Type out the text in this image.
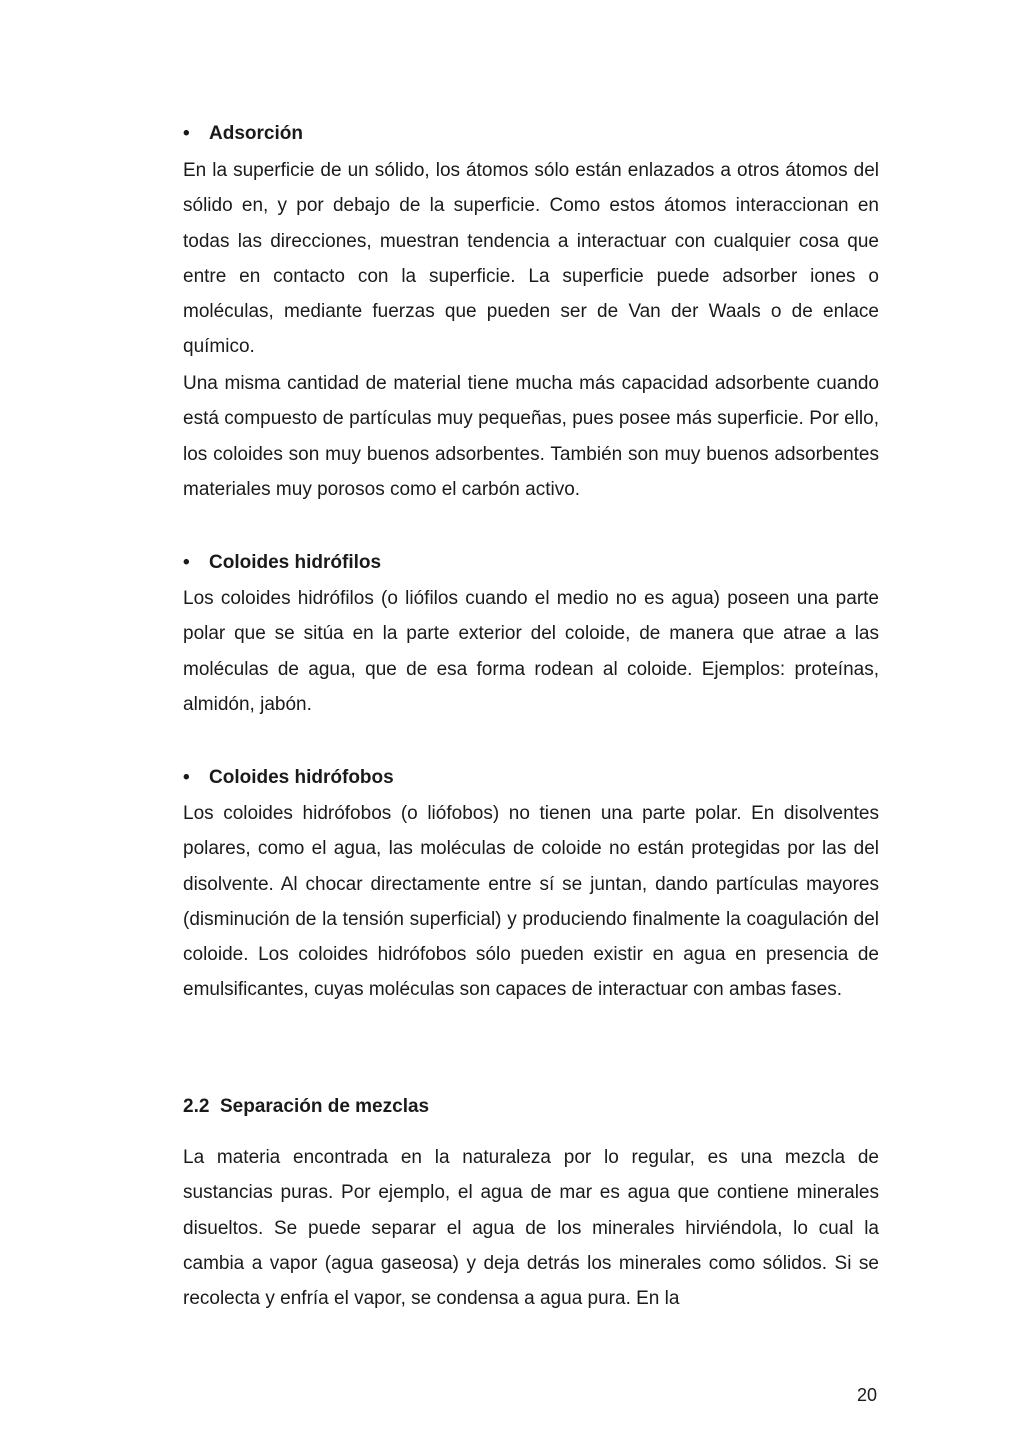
• Adsorción

En la superficie de un sólido, los átomos sólo están enlazados a otros átomos del sólido en, y por debajo de la superficie. Como estos átomos interaccionan en todas las direcciones, muestran tendencia a interactuar con cualquier cosa que entre en contacto con la superficie. La superficie puede adsorber iones o moléculas, mediante fuerzas que pueden ser de Van der Waals o de enlace químico.

Una misma cantidad de material tiene mucha más capacidad adsorbente cuando está compuesto de partículas muy pequeñas, pues posee más superficie. Por ello, los coloides son muy buenos adsorbentes. También son muy buenos adsorbentes materiales muy porosos como el carbón activo.

• Coloides hidrófilos

Los coloides hidrófilos (o liófilos cuando el medio no es agua) poseen una parte polar que se sitúa en la parte exterior del coloide, de manera que atrae a las moléculas de agua, que de esa forma rodean al coloide. Ejemplos: proteínas, almidón, jabón.

• Coloides hidrófobos

Los coloides hidrófobos (o liófobos) no tienen una parte polar. En disolventes polares, como el agua, las moléculas de coloide no están protegidas por las del disolvente. Al chocar directamente entre sí se juntan, dando partículas mayores (disminución de la tensión superficial) y produciendo finalmente la coagulación del coloide. Los coloides hidrófobos sólo pueden existir en agua en presencia de emulsificantes, cuyas moléculas son capaces de interactuar con ambas fases.

2.2 Separación de mezclas

La materia encontrada en la naturaleza por lo regular, es una mezcla de sustancias puras. Por ejemplo, el agua de mar es agua que contiene minerales disueltos. Se puede separar el agua de los minerales hirviéndola, lo cual la cambia a vapor (agua gaseosa) y deja detrás los minerales como sólidos. Si se recolecta y enfría el vapor, se condensa a agua pura. En la

20
